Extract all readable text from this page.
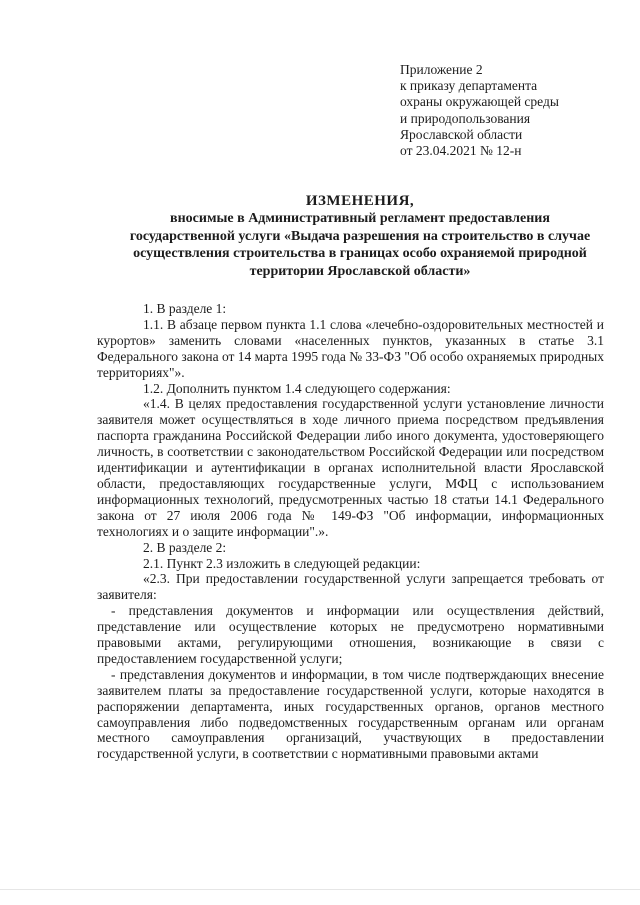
Приложение 2
к приказу департамента
охраны окружающей среды
и природопользования
Ярославской области
от 23.04.2021 № 12-н
ИЗМЕНЕНИЯ,
вносимые в Административный регламент предоставления
государственной услуги «Выдача разрешения на строительство в случае
осуществления строительства в границах особо охраняемой природной
территории Ярославской области»
1. В разделе 1:
1.1. В абзаце первом пункта 1.1 слова «лечебно-оздоровительных местностей и курортов» заменить словами «населенных пунктов, указанных в статье 3.1 Федерального закона от 14 марта 1995 года № 33-ФЗ "Об особо охраняемых природных территориях"».
1.2. Дополнить пунктом 1.4 следующего содержания:
«1.4. В целях предоставления государственной услуги установление личности заявителя может осуществляться в ходе личного приема посредством предъявления паспорта гражданина Российской Федерации либо иного документа, удостоверяющего личность, в соответствии с законодательством Российской Федерации или посредством идентификации и аутентификации в органах исполнительной власти Ярославской области, предоставляющих государственные услуги, МФЦ с использованием информационных технологий, предусмотренных частью 18 статьи 14.1 Федерального закона от 27 июля 2006 года № 149-ФЗ "Об информации, информационных технологиях и о защите информации".».
2. В разделе 2:
2.1. Пункт 2.3 изложить в следующей редакции:
«2.3. При предоставлении государственной услуги запрещается требовать от заявителя:
- представления документов и информации или осуществления действий, представление или осуществление которых не предусмотрено нормативными правовыми актами, регулирующими отношения, возникающие в связи с предоставлением государственной услуги;
- представления документов и информации, в том числе подтверждающих внесение заявителем платы за предоставление государственной услуги, которые находятся в распоряжении департамента, иных государственных органов, органов местного самоуправления либо подведомственных государственным органам или органам местного самоуправления организаций, участвующих в предоставлении государственной услуги, в соответствии с нормативными правовыми актами
